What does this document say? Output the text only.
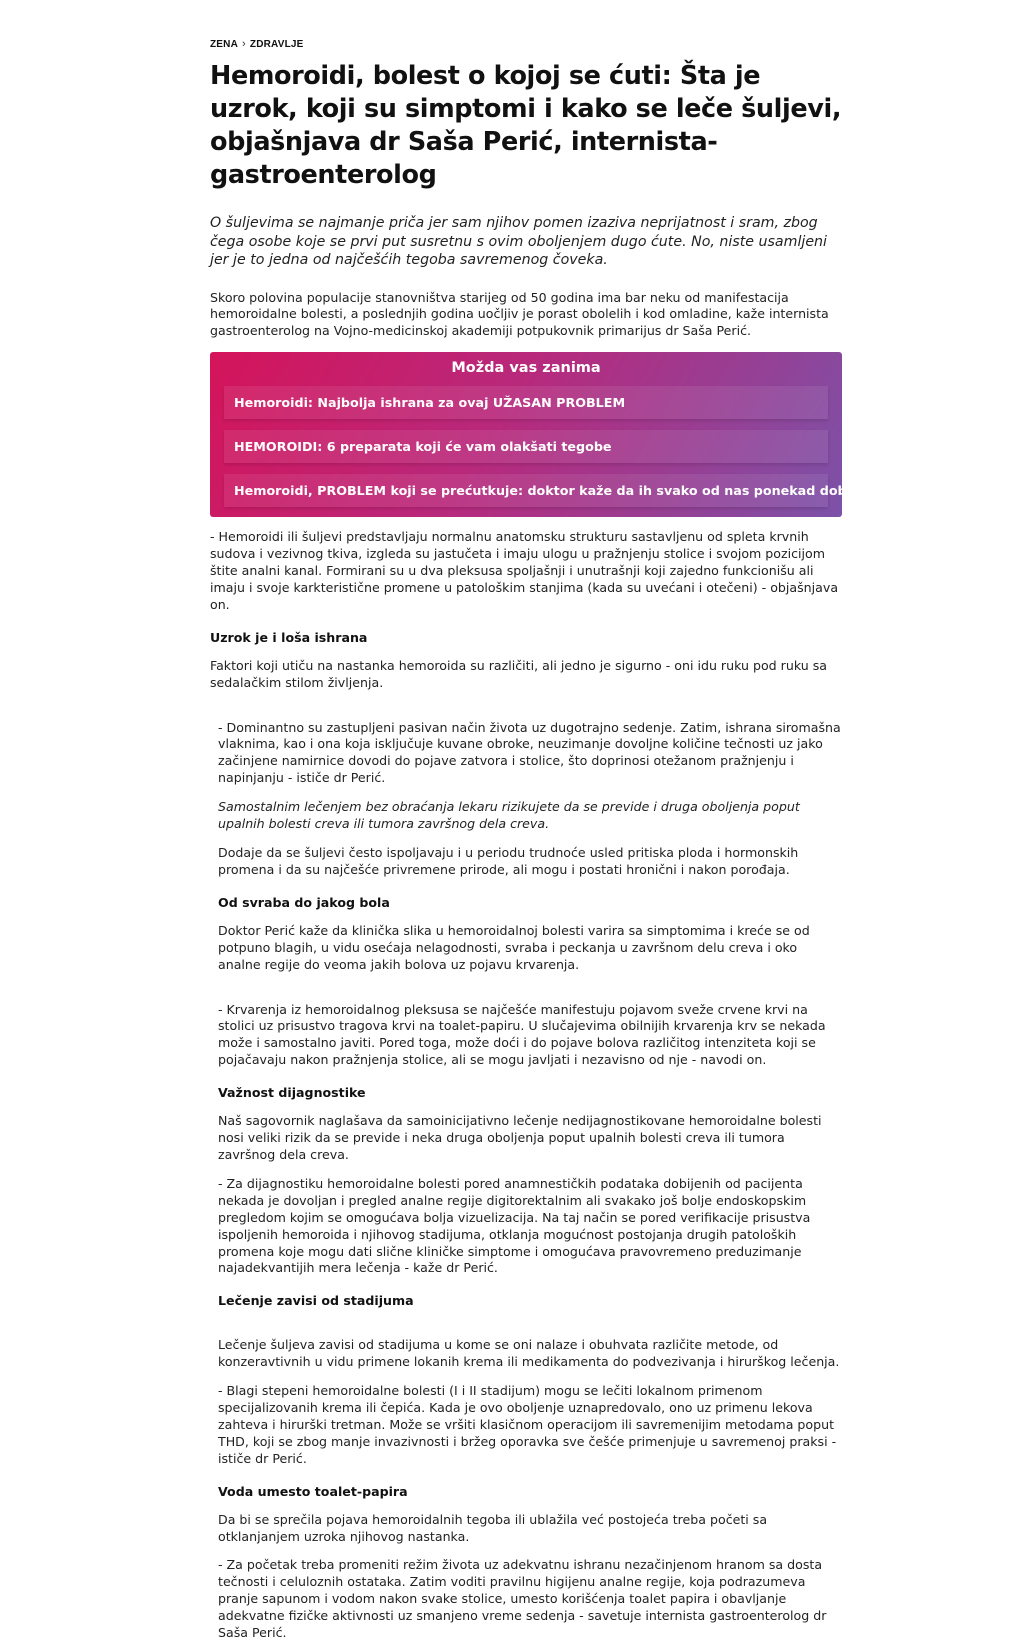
ZENA › ZDRAVLJE
Hemoroidi, bolest o kojoj se ćuti: Šta je uzrok, koji su simptomi i kako se leče šuljevi, objašnjava dr Saša Perić, internista-gastroenterolog

O šuljevima se najmanje priča jer sam njihov pomen izaziva neprijatnost i sram, zbog čega osobe koje se prvi put susretnu s ovim oboljenjem dugo ćute. No, niste usamljeni jer je to jedna od najčešćih tegoba savremenog čoveka.

Skoro polovina populacije stanovništva starijeg od 50 godina ima bar neku od manifestacija hemoroidalne bolesti, a poslednjih godina uočljiv je porast obolelih i kod omladine, kaže internista gastroenterolog na Vojno-medicinskoj akademiji potpukovnik primarijus dr Saša Perić.

Možda vas zanima
Hemoroidi: Najbolja ishrana za ovaj UŽASAN PROBLEM
HEMOROIDI: 6 preparata koji će vam olakšati tegobe
Hemoroidi, PROBLEM koji se prećutkuje: doktor kaže da ih svako od nas ponekad dobije

- Hemoroidi ili šuljevi predstavljaju normalnu anatomsku strukturu sastavljenu od spleta krvnih sudova i vezivnog tkiva, izgleda su jastučeta i imaju ulogu u pražnjenju stolice i svojom pozicijom štite analni kanal. Formirani su u dva pleksusa spoljašnji i unutrašnji koji zajedno funkcionišu ali imaju i svoje karkteristične promene u patološkim stanjima (kada su uvećani i otečeni) - objašnjava on.

Uzrok je i loša ishrana

Faktori koji utiču na nastanka hemoroida su različiti, ali jedno je sigurno - oni idu ruku pod ruku sa sedalačkim stilom življenja.

- Dominantno su zastupljeni pasivan način života uz dugotrajno sedenje. Zatim, ishrana siromašna vlaknima, kao i ona koja isključuje kuvane obroke, neuzimanje dovoljne količine tečnosti uz jako začinjene namirnice dovodi do pojave zatvora i stolice, što doprinosi otežanom pražnjenju i napinjanju - ističe dr Perić.

Samostalnim lečenjem bez obraćanja lekaru rizikujete da se previde i druga oboljenja poput upalnih bolesti creva ili tumora završnog dela creva.

Dodaje da se šuljevi često ispoljavaju i u periodu trudnoće usled pritiska ploda i hormonskih promena i da su najčešće privremene prirode, ali mogu i postati hronični i nakon porođaja.

Od svraba do jakog bola

Doktor Perić kaže da klinička slika u hemoroidalnoj bolesti varira sa simptomima i kreće se od potpuno blagih, u vidu osećaja nelagodnosti, svraba i peckanja u završnom delu creva i oko analne regije do veoma jakih bolova uz pojavu krvarenja.

- Krvarenja iz hemoroidalnog pleksusa se najčešće manifestuju pojavom sveže crvene krvi na stolici uz prisustvo tragova krvi na toalet-papiru. U slučajevima obilnijih krvarenja krv se nekada može i samostalno javiti. Pored toga, može doći i do pojave bolova različitog intenziteta koji se pojačavaju nakon pražnjenja stolice, ali se mogu javljati i nezavisno od nje - navodi on.

Važnost dijagnostike

Naš sagovornik naglašava da samoinicijativno lečenje nedijagnostikovane hemoroidalne bolesti nosi veliki rizik da se previde i neka druga oboljenja poput upalnih bolesti creva ili tumora završnog dela creva.

- Za dijagnostiku hemoroidalne bolesti pored anamnestičkih podataka dobijenih od pacijenta nekada je dovoljan i pregled analne regije digitorektalnim ali svakako još bolje endoskopskim pregledom kojim se omogućava bolja vizuelizacija. Na taj način se pored verifikacije prisustva ispoljenih hemoroida i njihovog stadijuma, otklanja mogućnost postojanja drugih patoloških promena koje mogu dati slične kliničke simptome i omogućava pravovremeno preduzimanje najadekvantijih mera lečenja - kaže dr Perić.

Lečenje zavisi od stadijuma

Lečenje šuljeva zavisi od stadijuma u kome se oni nalaze i obuhvata različite metode, od konzeravtivnih u vidu primene lokanih krema ili medikamenta do podvezivanja i hirurškog lečenja.

- Blagi stepeni hemoroidalne bolesti (I i II stadijum) mogu se lečiti lokalnom primenom specijalizovanih krema ili čepića. Kada je ovo oboljenje uznapredovalo, ono uz primenu lekova zahteva i hirurški tretman. Može se vršiti klasičnom operacijom ili savremenijim metodama poput THD, koji se zbog manje invazivnosti i bržeg oporavka sve češće primenjuje u savremenoj praksi - ističe dr Perić.

Voda umesto toalet-papira

Da bi se sprečila pojava hemoroidalnih tegoba ili ublažila već postojeća treba početi sa otklanjanjem uzroka njihovog nastanka.

- Za početak treba promeniti režim života uz adekvatnu ishranu nezačinjenom hranom sa dosta tečnosti i celuloznih ostataka. Zatim voditi pravilnu higijenu analne regije, koja podrazumeva pranje sapunom i vodom nakon svake stolice, umesto korišćenja toalet papira i obavljanje adekvatne fizičke aktivnosti uz smanjeno vreme sedenja - savetuje internista gastroenterolog dr Saša Perić.
